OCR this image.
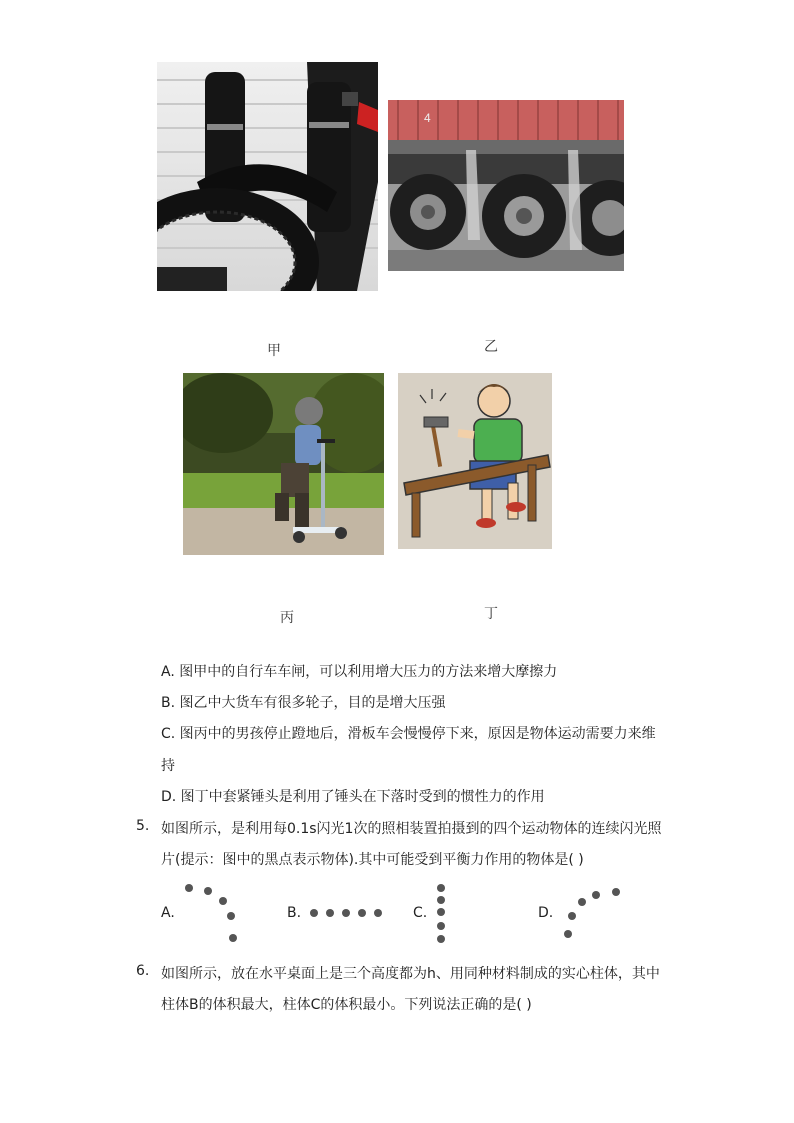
4
甲	乙
丙	丁
A. 图甲中的自行车车闸，可以利用增大压力的方法来增大摩擦力
B. 图乙中大货车有很多轮子，目的是增大压强
C. 图丙中的男孩停止蹬地后，滑板车会慢慢停下来，原因是物体运动需要力来维
持
D. 图丁中套紧锤头是利用了锤头在下落时受到的惯性力的作用
5. 如图所示，是利用每0.1s闪光1次的照相装置拍摄到的四个运动物体的连续闪光照
片(提示：图中的黑点表示物体).其中可能受到平衡力作用的物体是( )
A.	B.	C.	D.
6. 如图所示，放在水平桌面上是三个高度都为h、用同种材料制成的实心柱体，其中
柱体B的体积最大，柱体C的体积最小。下列说法正确的是( )
